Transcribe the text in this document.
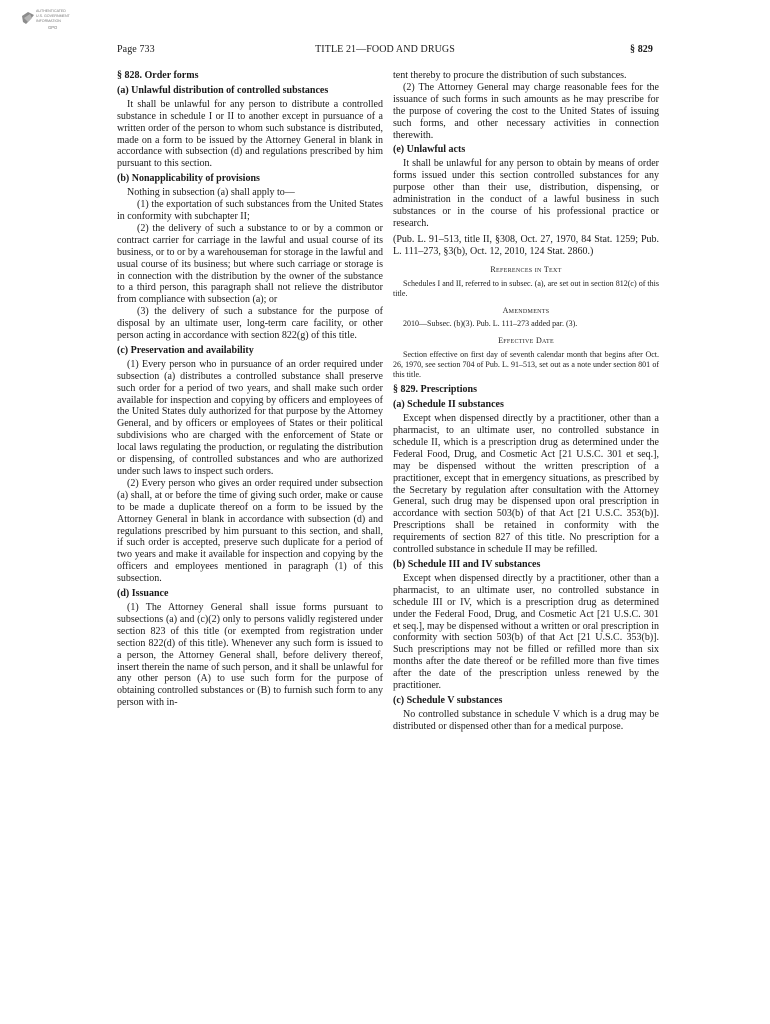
AUTHENTICATED
U.S. GOVERNMENT
INFORMATION
GPO
Page 733	TITLE 21—FOOD AND DRUGS	§ 829

§ 828. Order forms

(a) Unlawful distribution of controlled substances

It shall be unlawful for any person to distribute a controlled substance in schedule I or II to another except in pursuance of a written order of the person to whom such substance is distributed, made on a form to be issued by the Attorney General in blank in accordance with subsection (d) and regulations prescribed by him pursuant to this section.

(b) Nonapplicability of provisions

Nothing in subsection (a) shall apply to—

(1) the exportation of such substances from the United States in conformity with subchapter II;

(2) the delivery of such a substance to or by a common or contract carrier for carriage in the lawful and usual course of its business, or to or by a warehouseman for storage in the lawful and usual course of its business; but where such carriage or storage is in connection with the distribution by the owner of the substance to a third person, this paragraph shall not relieve the distributor from compliance with subsection (a); or

(3) the delivery of such a substance for the purpose of disposal by an ultimate user, long-term care facility, or other person acting in accordance with section 822(g) of this title.

(c) Preservation and availability

(1) Every person who in pursuance of an order required under subsection (a) distributes a controlled substance shall preserve such order for a period of two years, and shall make such order available for inspection and copying by officers and employees of the United States duly authorized for that purpose by the Attorney General, and by officers or employees of States or their political subdivisions who are charged with the enforcement of State or local laws regulating the production, or regulating the distribution or dispensing, of controlled substances and who are authorized under such laws to inspect such orders.

(2) Every person who gives an order required under subsection (a) shall, at or before the time of giving such order, make or cause to be made a duplicate thereof on a form to be issued by the Attorney General in blank in accordance with subsection (d) and regulations prescribed by him pursuant to this section, and shall, if such order is accepted, preserve such duplicate for a period of two years and make it available for inspection and copying by the officers and employees mentioned in paragraph (1) of this subsection.

(d) Issuance

(1) The Attorney General shall issue forms pursuant to subsections (a) and (c)(2) only to persons validly registered under section 823 of this title (or exempted from registration under section 822(d) of this title). Whenever any such form is issued to a person, the Attorney General shall, before delivery thereof, insert therein the name of such person, and it shall be unlawful for any other person (A) to use such form for the purpose of obtaining controlled substances or (B) to furnish such form to any person with in-

tent thereby to procure the distribution of such substances.

(2) The Attorney General may charge reasonable fees for the issuance of such forms in such amounts as he may prescribe for the purpose of covering the cost to the United States of issuing such forms, and other necessary activities in connection therewith.

(e) Unlawful acts

It shall be unlawful for any person to obtain by means of order forms issued under this section controlled substances for any purpose other than their use, distribution, dispensing, or administration in the conduct of a lawful business in such substances or in the course of his professional practice or research.

(Pub. L. 91–513, title II, §308, Oct. 27, 1970, 84 Stat. 1259; Pub. L. 111–273, §3(b), Oct. 12, 2010, 124 Stat. 2860.)

References in Text

Schedules I and II, referred to in subsec. (a), are set out in section 812(c) of this title.

Amendments

2010—Subsec. (b)(3). Pub. L. 111–273 added par. (3).

Effective Date

Section effective on first day of seventh calendar month that begins after Oct. 26, 1970, see section 704 of Pub. L. 91–513, set out as a note under section 801 of this title.

§ 829. Prescriptions

(a) Schedule II substances

Except when dispensed directly by a practitioner, other than a pharmacist, to an ultimate user, no controlled substance in schedule II, which is a prescription drug as determined under the Federal Food, Drug, and Cosmetic Act [21 U.S.C. 301 et seq.], may be dispensed without the written prescription of a practitioner, except that in emergency situations, as prescribed by the Secretary by regulation after consultation with the Attorney General, such drug may be dispensed upon oral prescription in accordance with section 503(b) of that Act [21 U.S.C. 353(b)]. Prescriptions shall be retained in conformity with the requirements of section 827 of this title. No prescription for a controlled substance in schedule II may be refilled.

(b) Schedule III and IV substances

Except when dispensed directly by a practitioner, other than a pharmacist, to an ultimate user, no controlled substance in schedule III or IV, which is a prescription drug as determined under the Federal Food, Drug, and Cosmetic Act [21 U.S.C. 301 et seq.], may be dispensed without a written or oral prescription in conformity with section 503(b) of that Act [21 U.S.C. 353(b)]. Such prescriptions may not be filled or refilled more than six months after the date thereof or be refilled more than five times after the date of the prescription unless renewed by the practitioner.

(c) Schedule V substances

No controlled substance in schedule V which is a drug may be distributed or dispensed other than for a medical purpose.
